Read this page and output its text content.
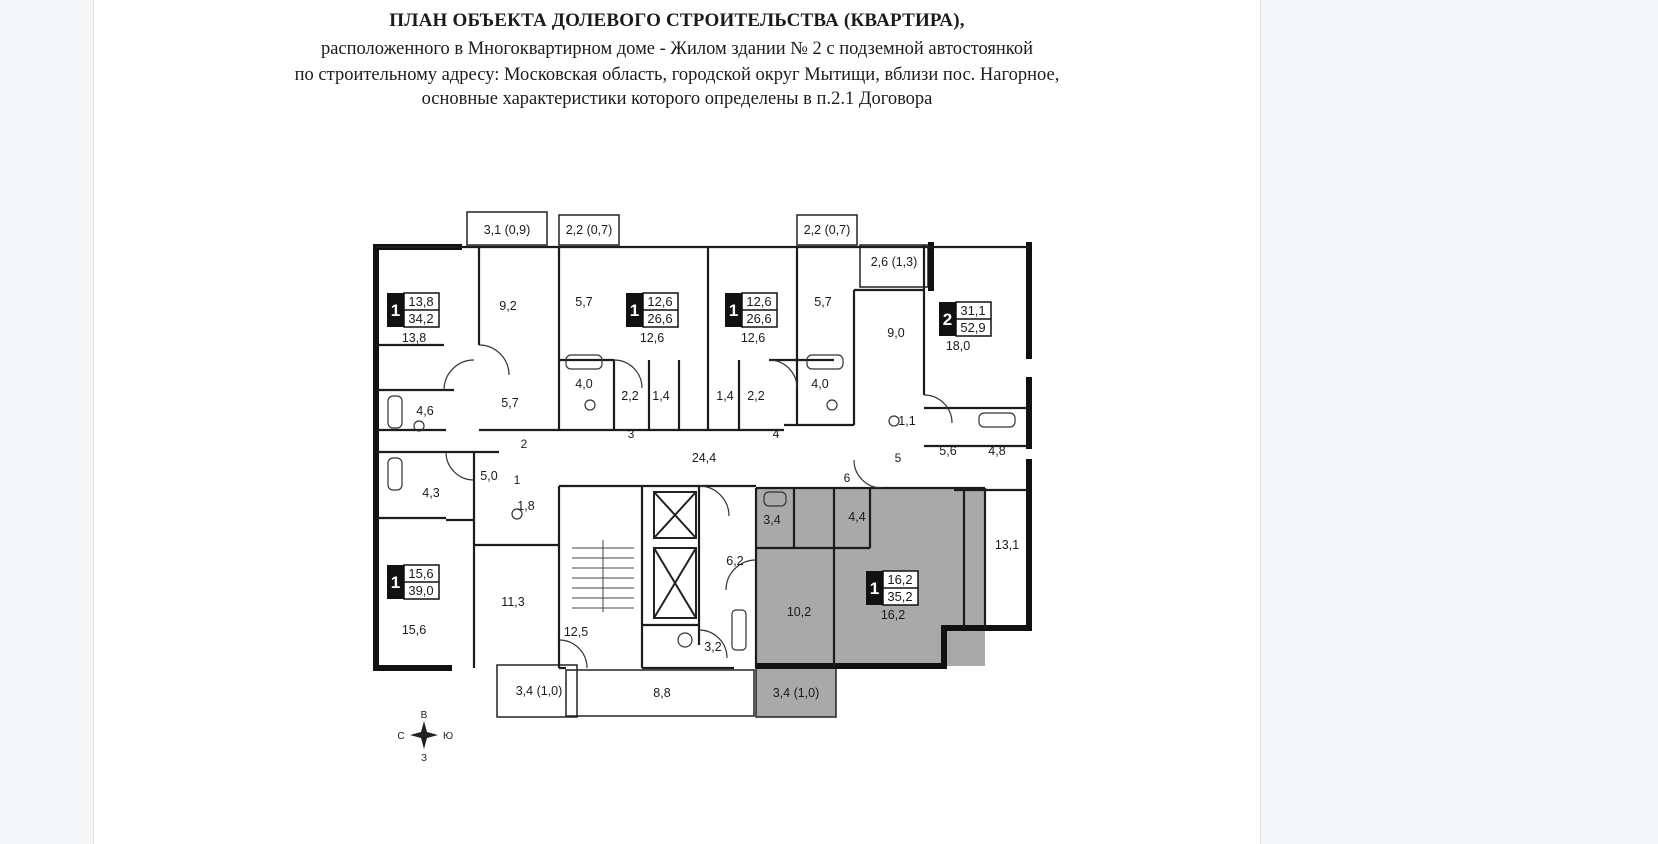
ПЛАН ОБЪЕКТА ДОЛЕВОГО СТРОИТЕЛЬСТВА (КВАРТИРА),

расположенного в Многоквартирном доме - Жилом здании № 2 с подземной автостоянкой

по строительному адресу: Московская область, городской округ Мытищи, вблизи пос. Нагорное,

основные характеристики которого определены в п.2.1 Договора

1 13,8
34,2	1 12,6
26,6	1 12,6
26,6	2 31,1
52,9
1 15,6
39,0	1 16,2
35,2
3,1 (0,9)	2,2 (0,7)	2,2 (0,7)
2,6 (1,3)
9,2	5,7	5,7
9,0
13,8	12,6	12,6
18,0
4,0	4,0
2,2 1,4	1,4 2,2
4,6
5,7
1,1
5,6	4,8
24,4
4,3
5,0
1,8
3,4	4,4
6,2
13,1
15,6
11,3
10,2	16,2
12,5
3,2
3,4 (1,0)	8,8	3,4 (1,0)
1
2
3	4
5
6
В
З
С	Ю
